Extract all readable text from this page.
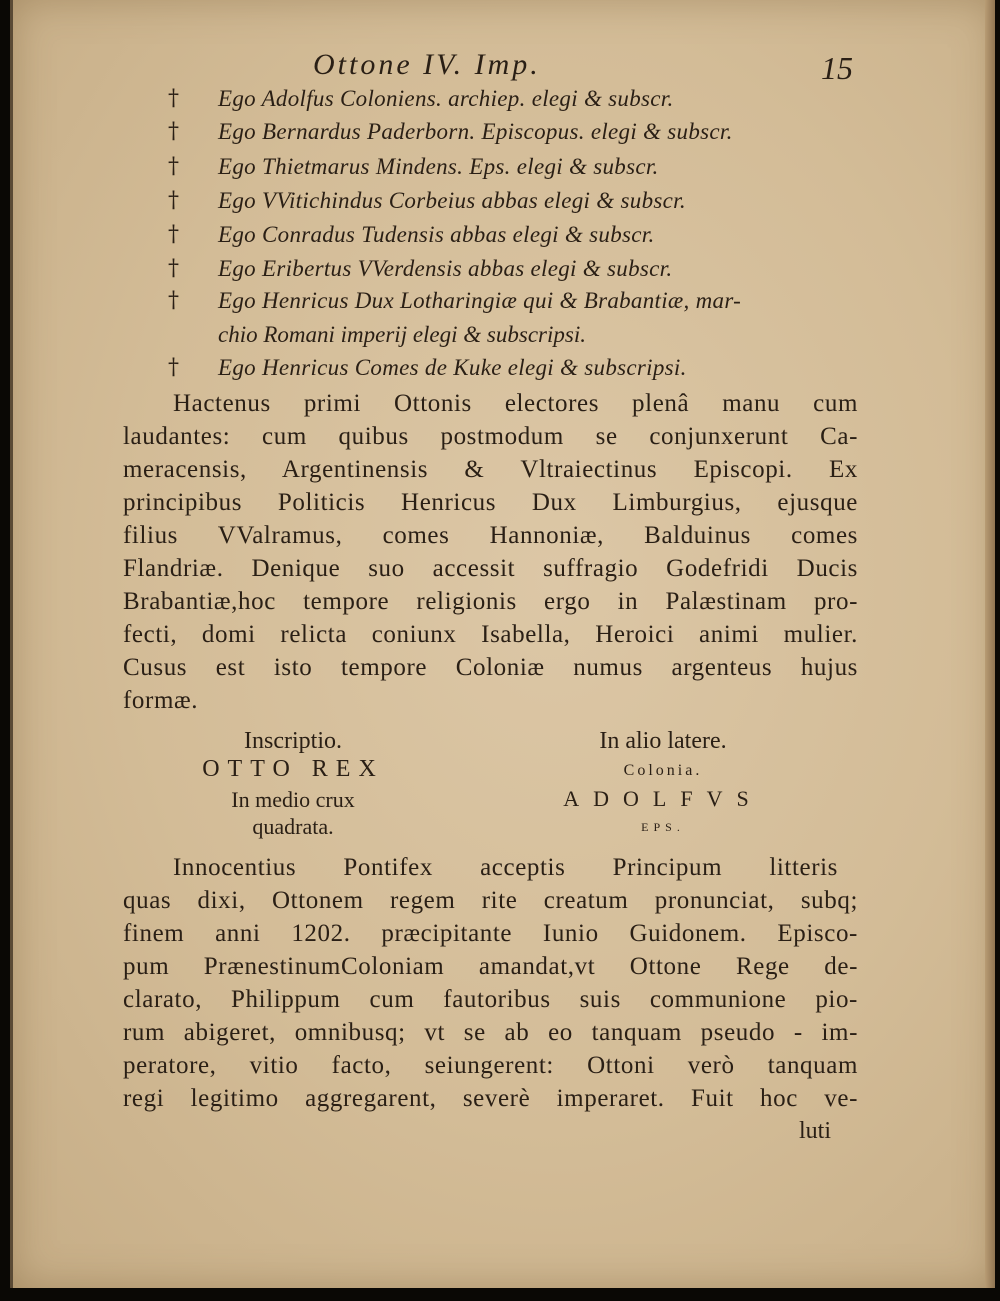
Ottone IV. Imp.	15
† Ego Adolfus Coloniens. archiep. elegi & subscr.
† Ego Bernardus Paderborn. Episcopus. elegi & subscr.
† Ego Thietmarus Mindens. Eps. elegi & subscr.
† Ego VVitichindus Corbeius abbas elegi & subscr.
† Ego Conradus Tudensis abbas elegi & subscr.
† Ego Eribertus VVerdensis abbas elegi & subscr.
† Ego Henricus Dux Lotharingiæ qui & Brabantiæ, mar-
chio Romani imperij elegi & subscripsi.
† Ego Henricus Comes de Kuke elegi & subscripsi.
Hactenus primi Ottonis electores plenâ manu cum
laudantes: cum quibus postmodum se conjunxerunt Ca-
meracensis, Argentinensis & Vltraiectinus Episcopi. Ex
principibus Politicis Henricus Dux Limburgius, ejusque
filius VValramus, comes Hannoniæ, Balduinus comes
Flandriæ. Denique suo accessit suffragio Godefridi Ducis
Brabantiæ,hoc tempore religionis ergo in Palæstinam pro-
fecti, domi relicta coniunx Isabella, Heroici animi mulier.
Cusus est isto tempore Coloniæ numus argenteus hujus
formæ.
Inscriptio.
OTTO REX
In medio crux
quadrata.
In alio latere.
Colonia.
ADOLFVS
EPS.
Innocentius Pontifex acceptis Principum litteris
quas dixi, Ottonem regem rite creatum pronunciat, subq;
finem anni 1202. præcipitante Iunio Guidonem. Episco-
pum PrænestinumColoniam amandat,vt Ottone Rege de-
clarato, Philippum cum fautoribus suis communione pio-
rum abigeret, omnibusq; vt se ab eo tanquam pseudo - im-
peratore, vitio facto, seiungerent: Ottoni verò tanquam
regi legitimo aggregarent, severè imperaret. Fuit hoc ve-
luti
